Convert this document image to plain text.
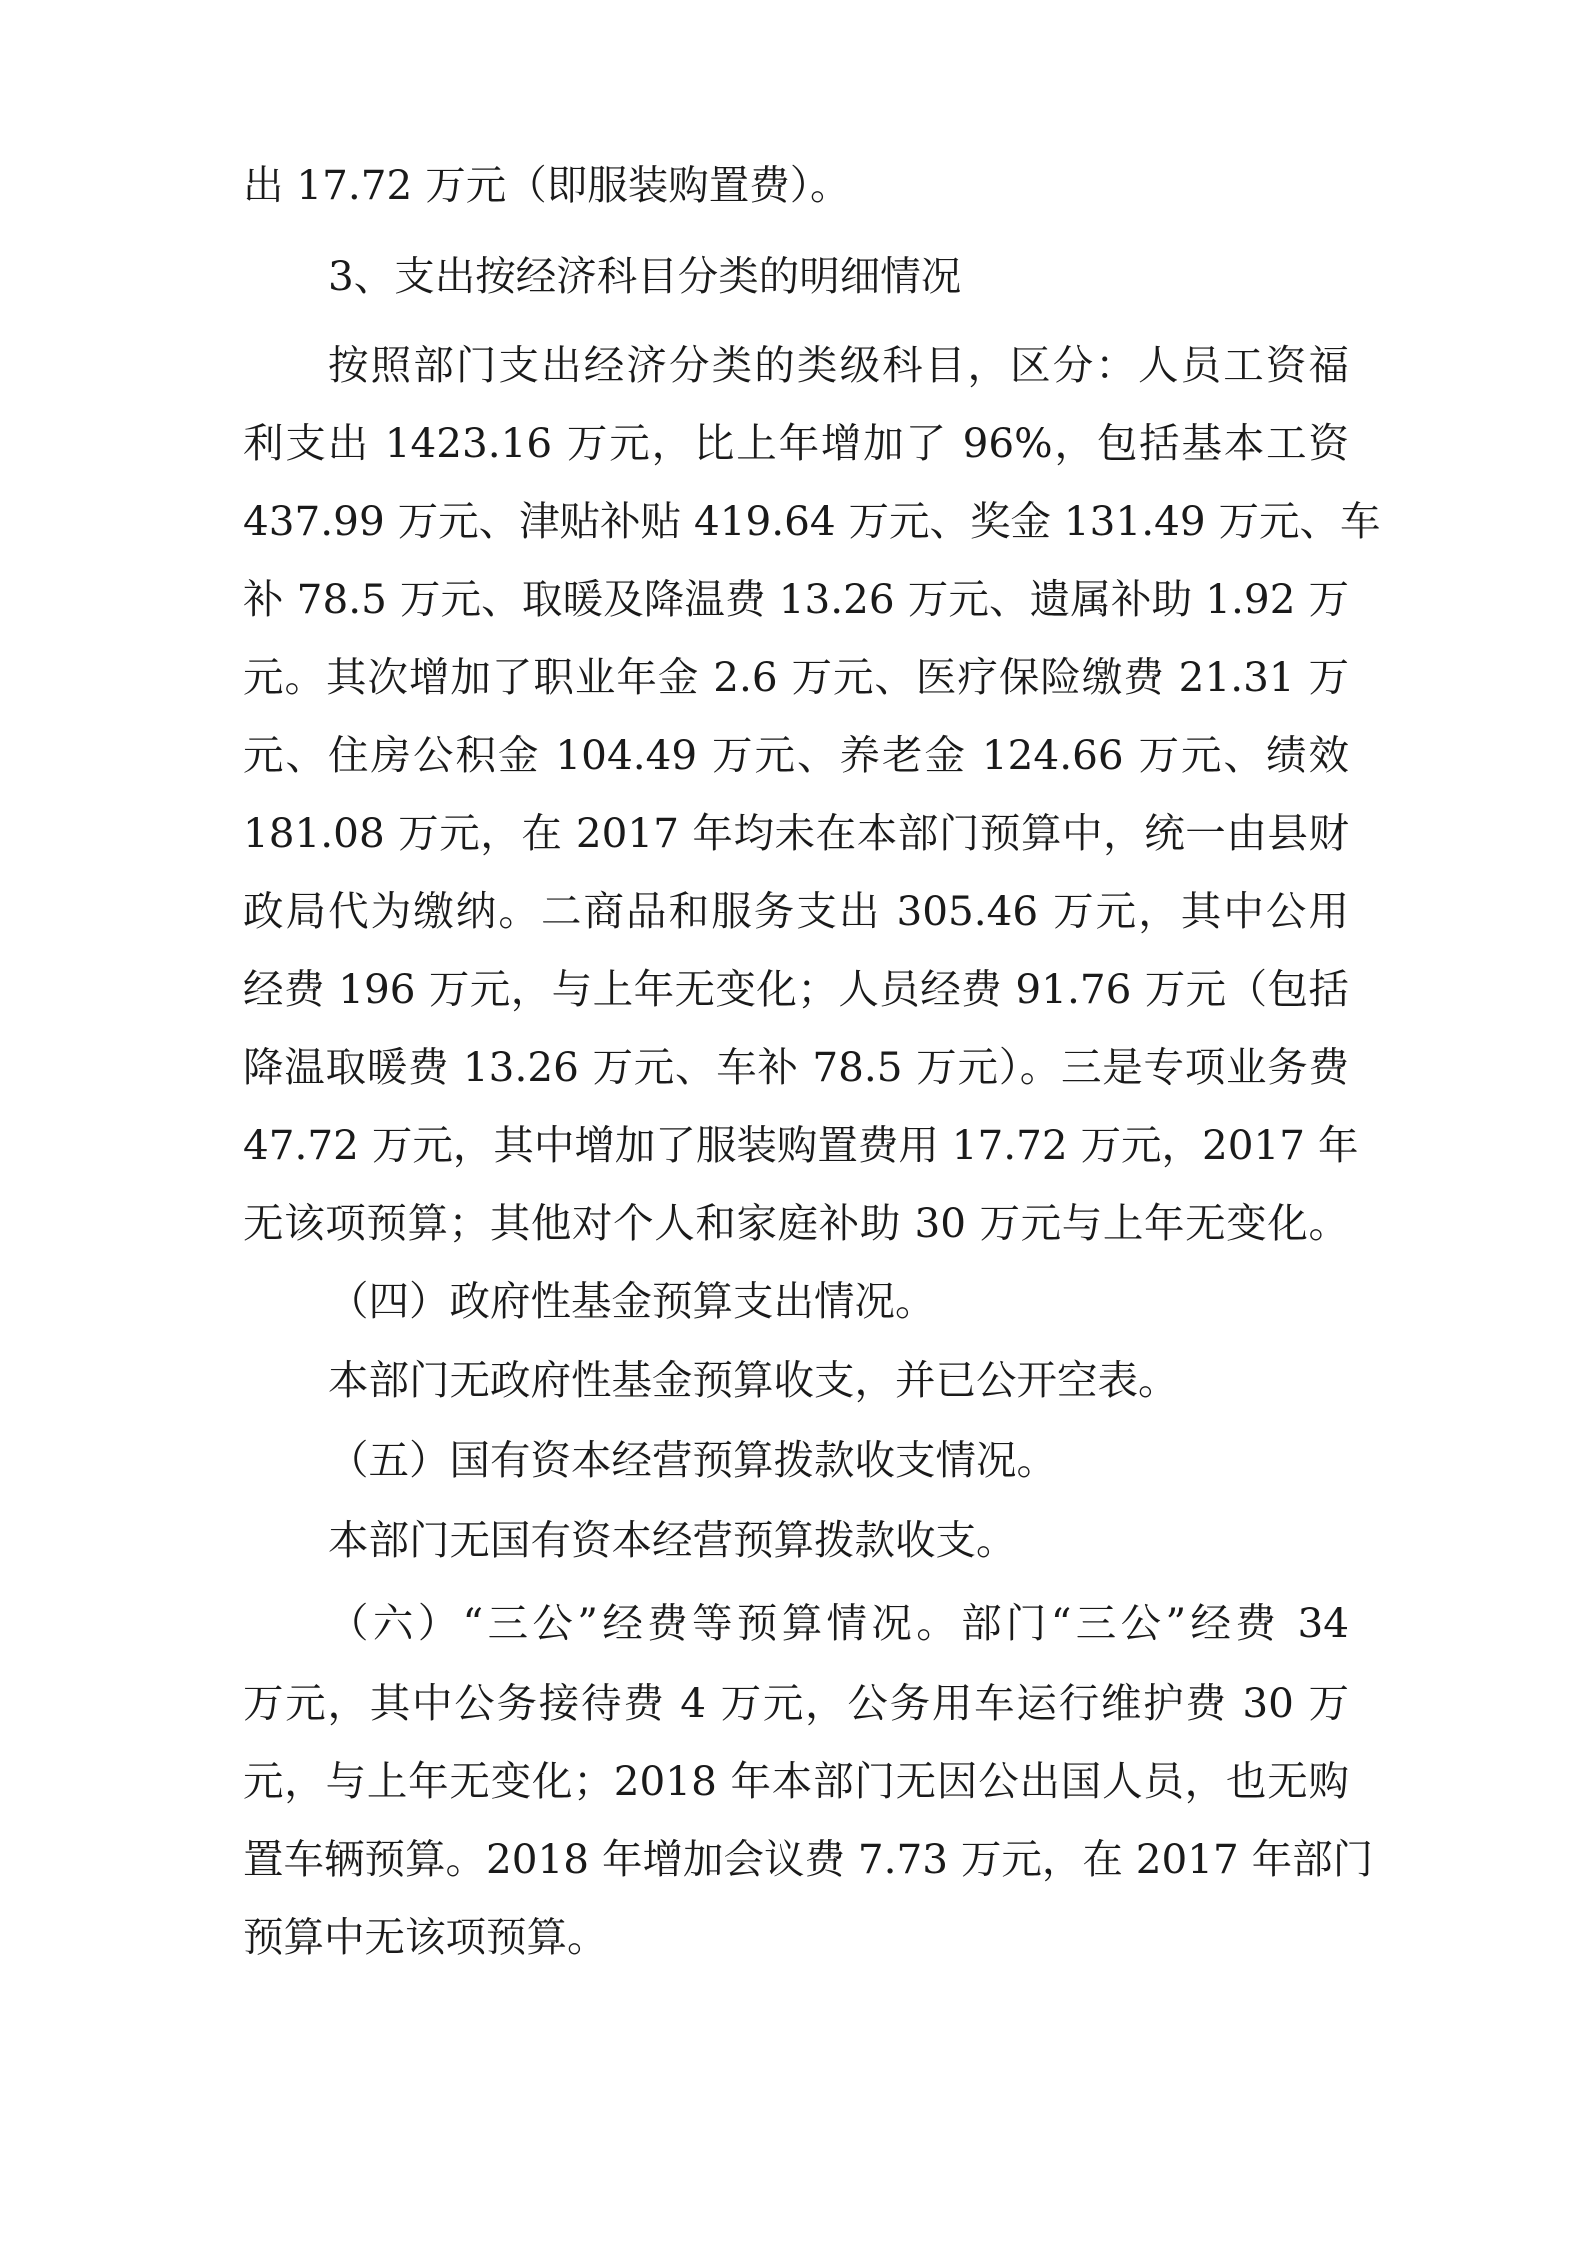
出 17.72 万元（即服装购置费）。

3、支出按经济科目分类的明细情况

按照部门支出经济分类的类级科目，区分：人员工资福

利支出 1423.16 万元，比上年增加了 96%，包括基本工资

437.99 万元、津贴补贴 419.64 万元、奖金 131.49 万元、车

补 78.5 万元、取暖及降温费 13.26 万元、遗属补助 1.92 万

元。其次增加了职业年金 2.6 万元、医疗保险缴费 21.31 万

元、住房公积金 104.49 万元、养老金 124.66 万元、绩效

181.08 万元，在 2017 年均未在本部门预算中，统一由县财

政局代为缴纳。二商品和服务支出 305.46 万元，其中公用

经费 196 万元，与上年无变化；人员经费 91.76 万元（包括

降温取暖费 13.26 万元、车补 78.5 万元）。三是专项业务费

47.72 万元，其中增加了服装购置费用 17.72 万元，2017 年

无该项预算；其他对个人和家庭补助 30 万元与上年无变化。

（四）政府性基金预算支出情况。

本部门无政府性基金预算收支，并已公开空表。

（五）国有资本经营预算拨款收支情况。

本部门无国有资本经营预算拨款收支。

（六）“三公”经费等预算情况。部门“三公”经费 34

万元，其中公务接待费 4 万元，公务用车运行维护费 30 万

元，与上年无变化；2018 年本部门无因公出国人员，也无购

置车辆预算。2018 年增加会议费 7.73 万元，在 2017 年部门

预算中无该项预算。
